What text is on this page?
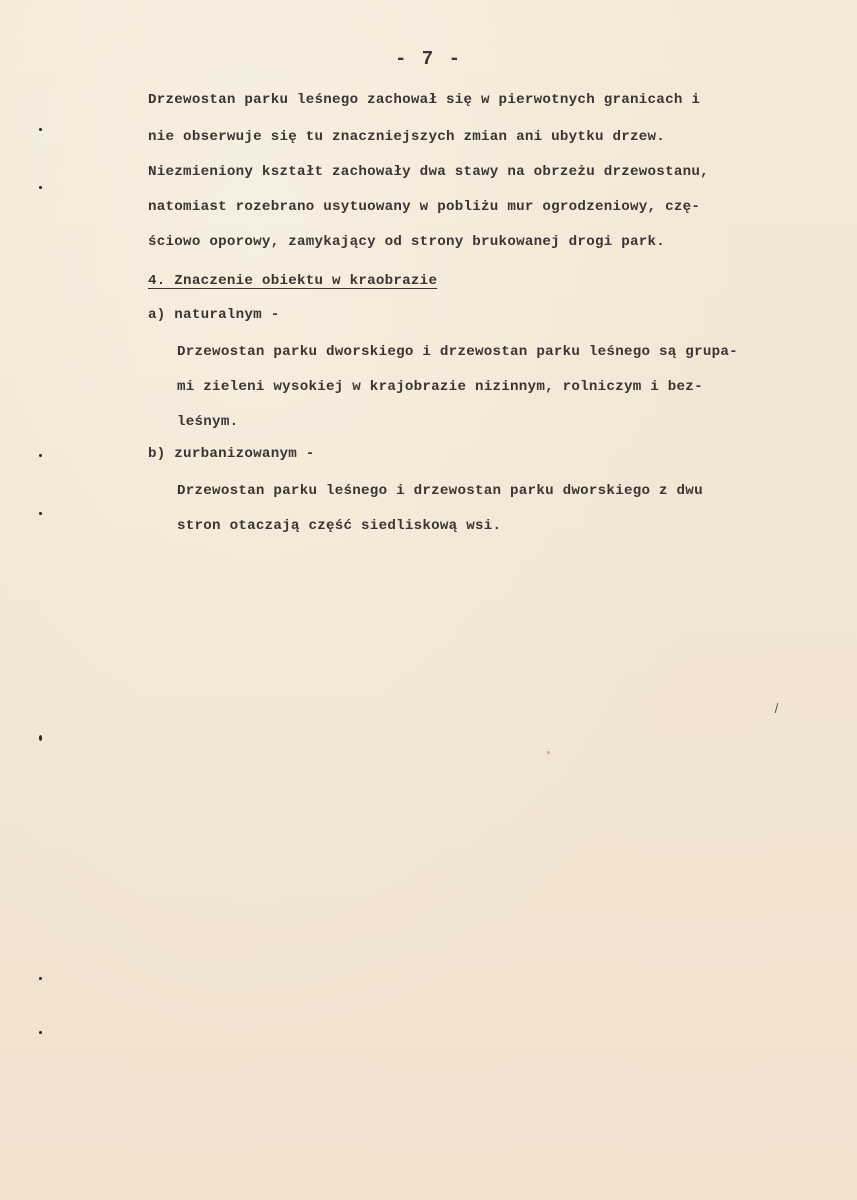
- 7 -
Drzewostan parku leśnego zachował się w pierwotnych granicach i
nie obserwuje się tu znaczniejszych zmian ani ubytku drzew.
Niezmieniony kształt zachowały dwa stawy na obrzeżu drzewostanu,
natomiast rozebrano usytuowany w pobliżu mur ogrodzeniowy, czę-
ściowo oporowy, zamykający od strony brukowanej drogi park.
4. Znaczenie obiektu w kraobrazie
a) naturalnym -
Drzewostan parku dworskiego i drzewostan parku leśnego są grupa-
mi zieleni wysokiej w krajobrazie nizinnym, rolniczym i bez-
leśnym.
b) zurbanizowanym -
Drzewostan parku leśnego i drzewostan parku dworskiego z dwu
stron otaczają część siedliskową wsi.
